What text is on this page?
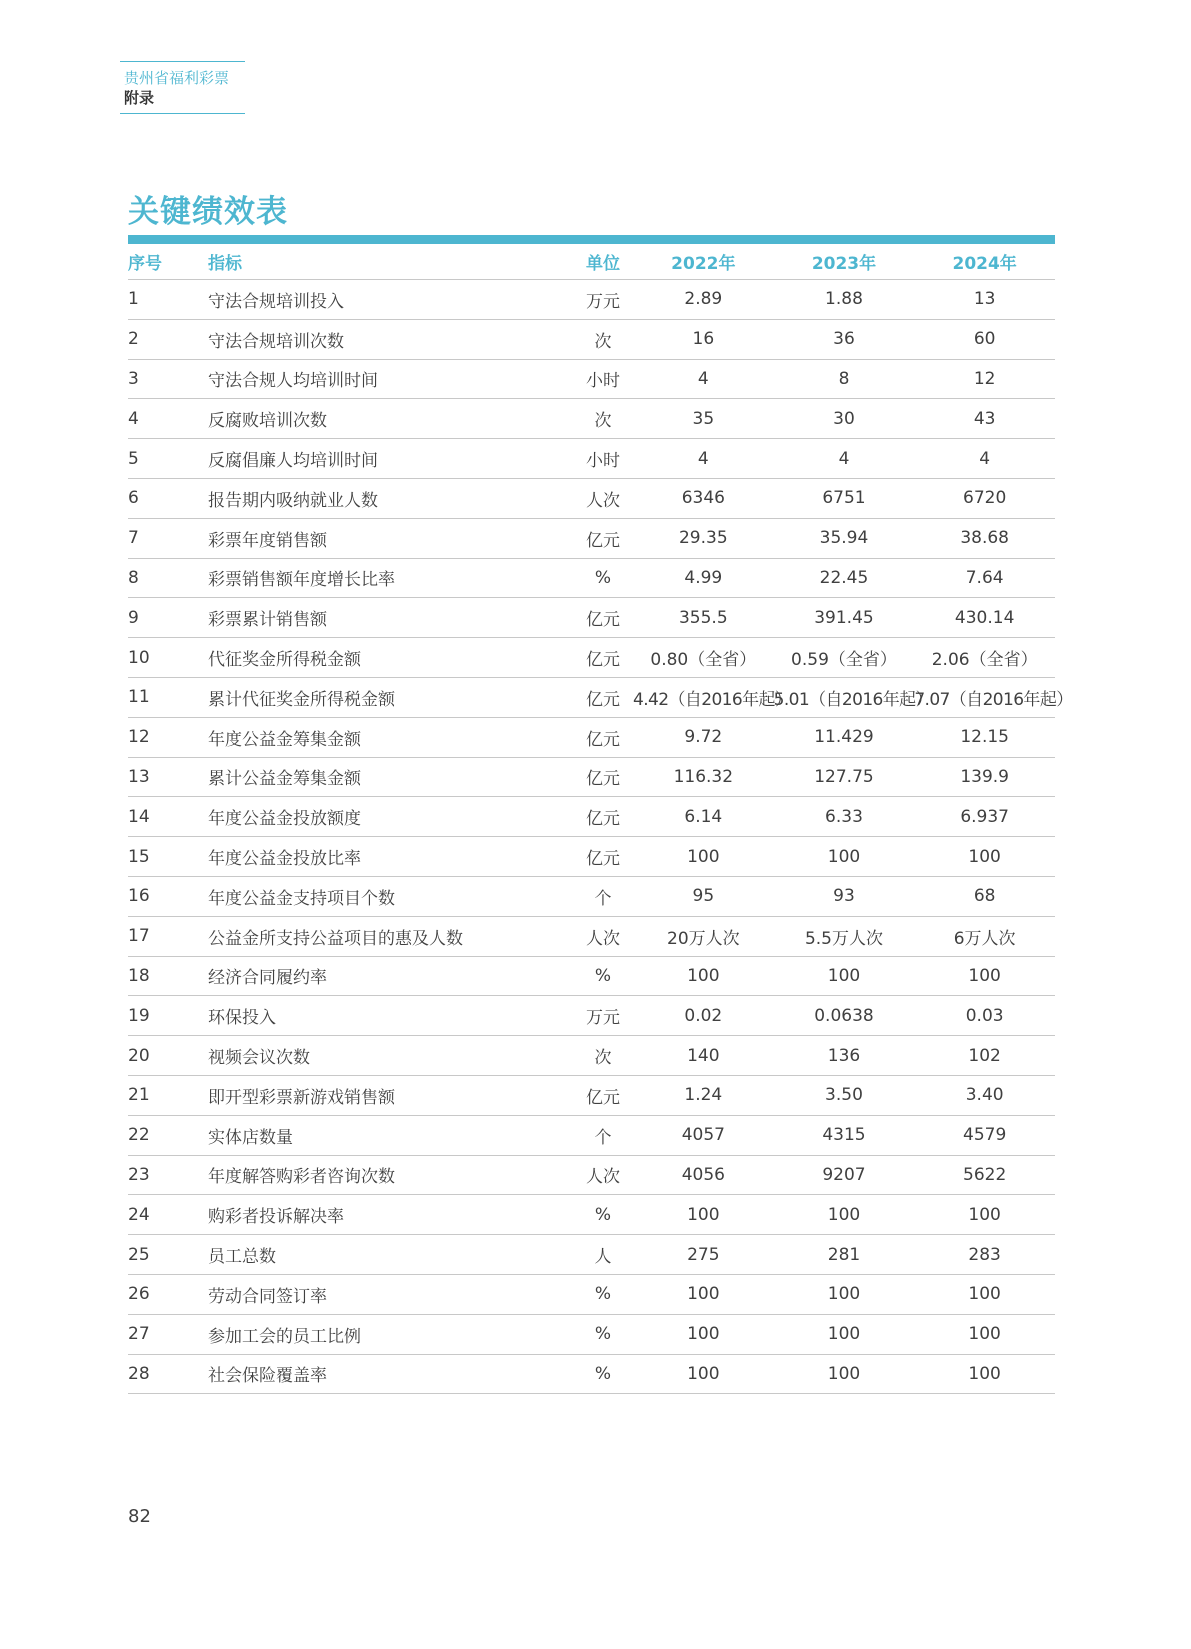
贵州省福利彩票
附录
关键绩效表
序号	指标	单位	2022年	2023年	2024年
1	守法合规培训投入	万元	2.89	1.88	13
2	守法合规培训次数	次	16	36	60
3	守法合规人均培训时间	小时	4	8	12
4	反腐败培训次数	次	35	30	43
5	反腐倡廉人均培训时间	小时	4	4	4
6	报告期内吸纳就业人数	人次	6346	6751	6720
7	彩票年度销售额	亿元	29.35	35.94	38.68
8	彩票销售额年度增长比率	%	4.99	22.45	7.64
9	彩票累计销售额	亿元	355.5	391.45	430.14
10	代征奖金所得税金额	亿元	0.80（全省）	0.59（全省）	2.06（全省）
11	累计代征奖金所得税金额	亿元	4.42（自2016年起）	5.01（自2016年起）	7.07（自2016年起）
12	年度公益金筹集金额	亿元	9.72	11.429	12.15
13	累计公益金筹集金额	亿元	116.32	127.75	139.9
14	年度公益金投放额度	亿元	6.14	6.33	6.937
15	年度公益金投放比率	亿元	100	100	100
16	年度公益金支持项目个数	个	95	93	68
17	公益金所支持公益项目的惠及人数	人次	20万人次	5.5万人次	6万人次
18	经济合同履约率	%	100	100	100
19	环保投入	万元	0.02	0.0638	0.03
20	视频会议次数	次	140	136	102
21	即开型彩票新游戏销售额	亿元	1.24	3.50	3.40
22	实体店数量	个	4057	4315	4579
23	年度解答购彩者咨询次数	人次	4056	9207	5622
24	购彩者投诉解决率	%	100	100	100
25	员工总数	人	275	281	283
26	劳动合同签订率	%	100	100	100
27	参加工会的员工比例	%	100	100	100
28	社会保险覆盖率	%	100	100	100
82
